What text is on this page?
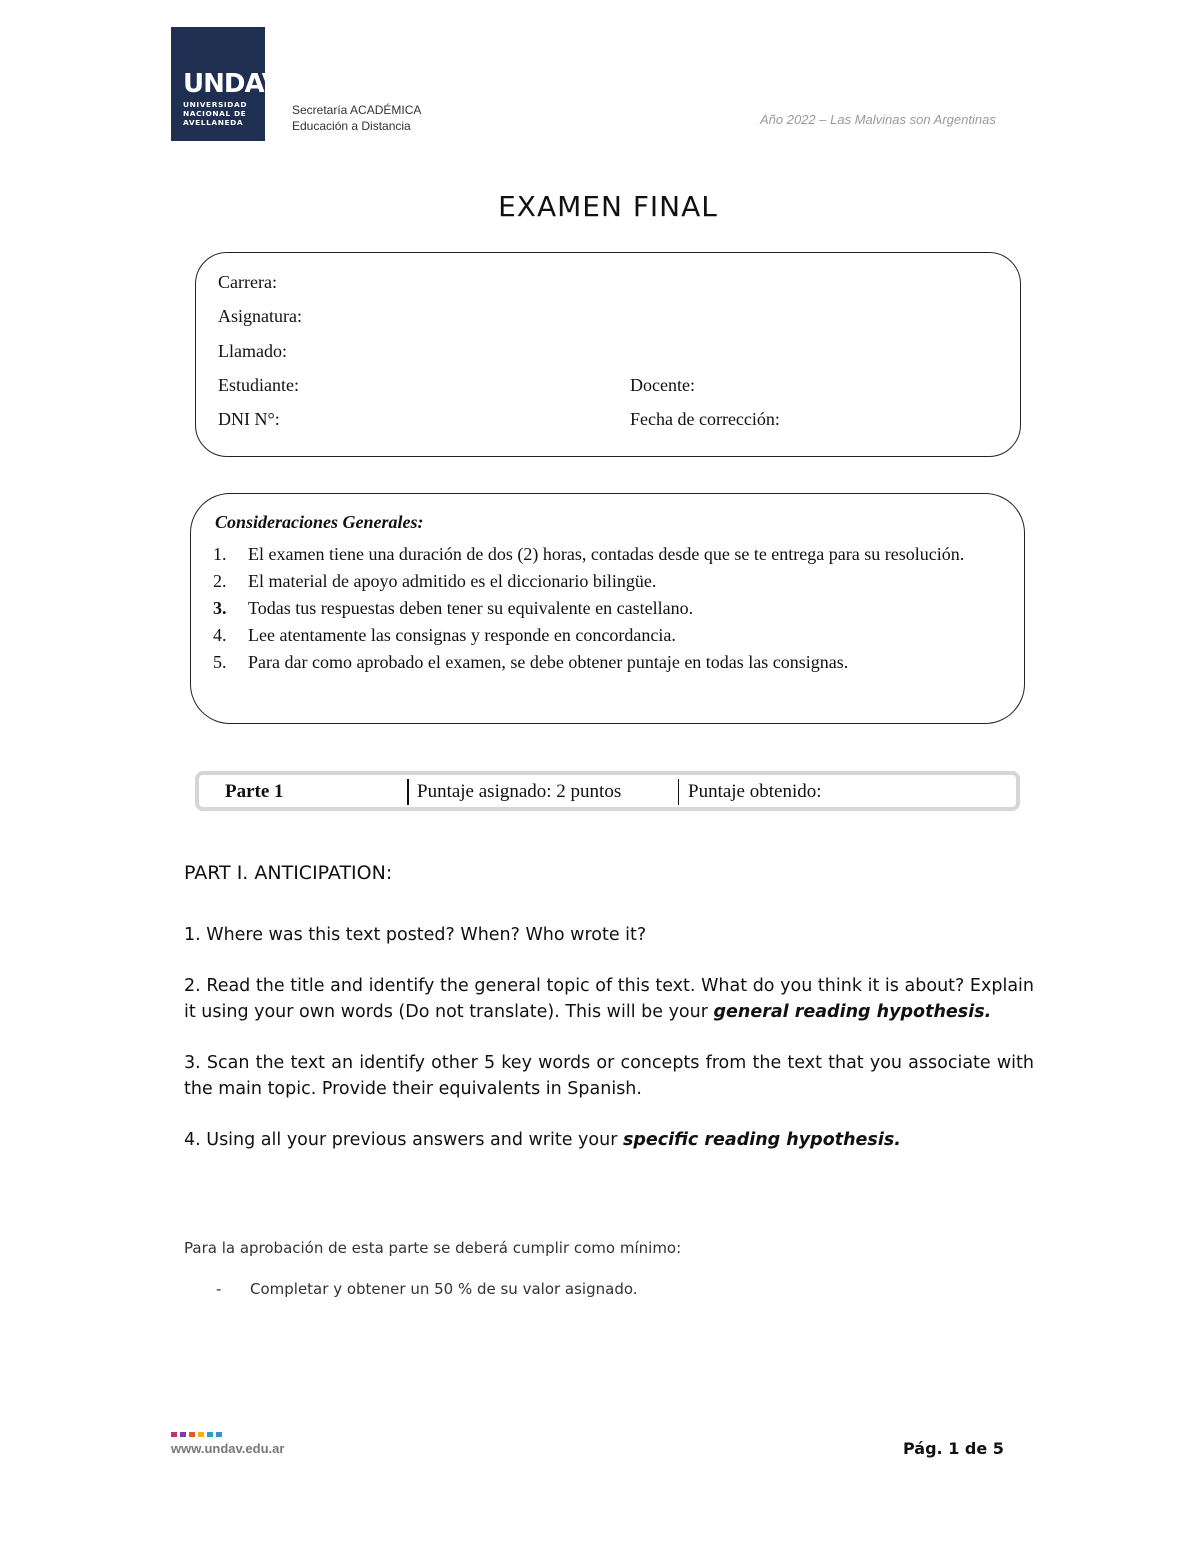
UNDAV
UNIVERSIDAD
NACIONAL DE
AVELLANEDA
Secretaría ACADÉMICA
Educación a Distancia	Año 2022 – Las Malvinas son Argentinas
EXAMEN FINAL
Carrera:
Asignatura:
Llamado:
Estudiante:	Docente:
DNI N°:	Fecha de corrección:
Consideraciones Generales:
1. El examen tiene una duración de dos (2) horas, contadas desde que se te entrega para su resolución.
2. El material de apoyo admitido es el diccionario bilingüe.
3. Todas tus respuestas deben tener su equivalente en castellano.
4. Lee atentamente las consignas y responde en concordancia.
5. Para dar como aprobado el examen, se debe obtener puntaje en todas las consignas.
Parte 1	Puntaje asignado: 2 puntos	Puntaje obtenido:
PART I. ANTICIPATION:
1. Where was this text posted? When? Who wrote it?
2. Read the title and identify the general topic of this text. What do you think it is about? Explain it using your own words (Do not translate). This will be your general reading hypothesis.
3. Scan the text an identify other 5 key words or concepts from the text that you associate with the main topic. Provide their equivalents in Spanish.
4. Using all your previous answers and write your specific reading hypothesis.
Para la aprobación de esta parte se deberá cumplir como mínimo:
- Completar y obtener un 50 % de su valor asignado.
www.undav.edu.ar	Pág. 1 de 5
